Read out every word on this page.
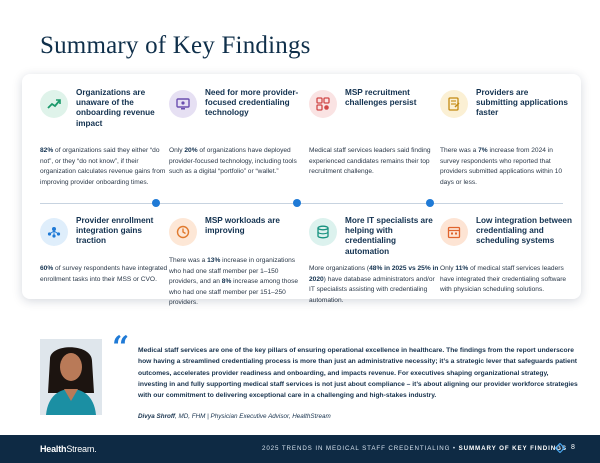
Summary of Key Findings
Organizations are unaware of the onboarding revenue impact
82% of organizations said they either “do not”, or they “do not know”, if their organization calculates revenue gains from improving provider onboarding times.
Need for more provider-focused credentialing technology
Only 20% of organizations have deployed provider-focused technology, including tools such as a digital “portfolio” or “wallet.”
MSP recruitment challenges persist
Medical staff services leaders said finding experienced candidates remains their top recruitment challenge.
Providers are submitting applications faster
There was a 7% increase from 2024 in survey respondents who reported that providers submitted applications within 10 days or less.
Provider enrollment integration gains traction
60% of survey respondents have integrated enrollment tasks into their MSS or CVO.
MSP workloads are improving
There was a 13% increase in organizations who had one staff member per 1–150 providers, and an 8% increase among those who had one staff member per 151–250 providers.
More IT specialists are helping with credentialing automation
More organizations (48% in 2025 vs 25% in 2020) have database administrators and/or IT specialists assisting with credentialing automation.
Low integration between credentialing and scheduling systems
Only 11% of medical staff services leaders have integrated their credentialing software with physician scheduling solutions.
“ Medical staff services are one of the key pillars of ensuring operational excellence in healthcare. The findings from the report underscore how having a streamlined credentialing process is more than just an administrative necessity; it’s a strategic lever that safeguards patient outcomes, accelerates provider readiness and onboarding, and impacts revenue. For executives shaping organizational strategy, investing in and fully supporting medical staff services is not just about compliance – it’s about aligning our provider workforce strategies with our commitment to delivering exceptional care in a challenging and high-stakes industry.
Divya Shroff, MD, FHM | Physician Executive Advisor, HealthStream
HealthStream.	2025 TRENDS IN MEDICAL STAFF CREDENTIALING • SUMMARY OF KEY FINDINGS 8
